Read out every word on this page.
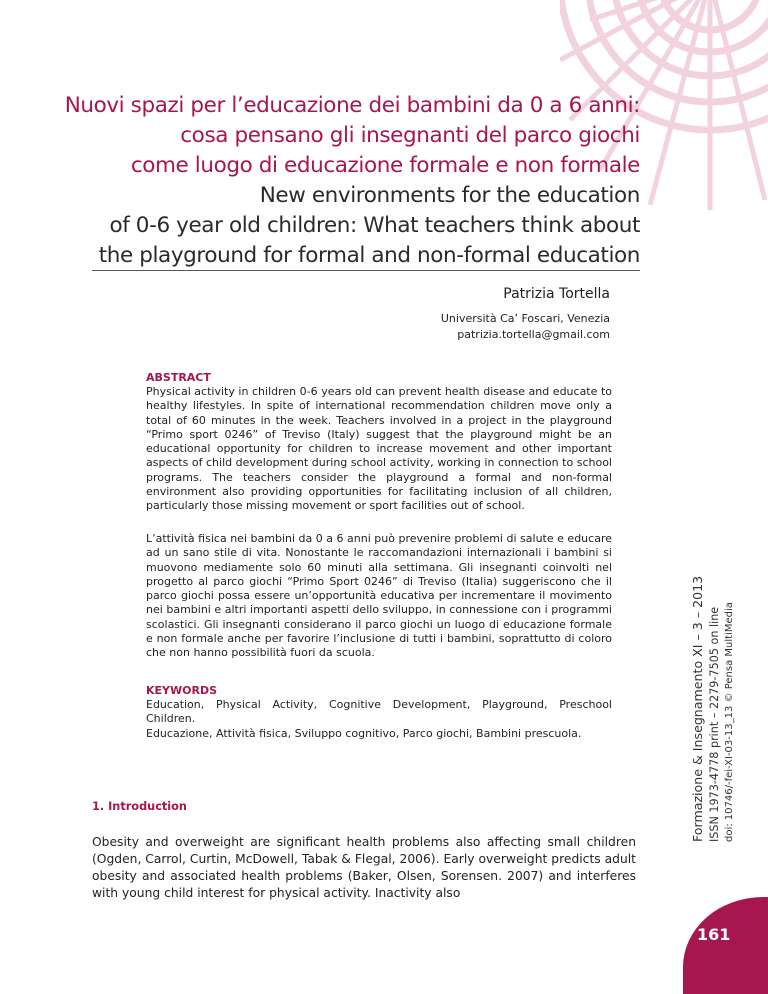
Nuovi spazi per l’educazione dei bambini da 0 a 6 anni:
cosa pensano gli insegnanti del parco giochi
come luogo di educazione formale e non formale
New environments for the education
of 0-6 year old children: What teachers think about
the playground for formal and non-formal education
Patrizia Tortella
Università Ca’ Foscari, Venezia
patrizia.tortella@gmail.com
ABSTRACT
Physical activity in children 0-6 years old can prevent health disease and educate to healthy lifestyles. In spite of international recommendation children move only a total of 60 minutes in the week. Teachers involved in a project in the playground “Primo sport 0246” of Treviso (Italy) suggest that the playground might be an educational opportunity for children to increase movement and other important aspects of child development during school activity, working in connection to school programs. The teachers consider the playground a formal and non-formal environment also providing opportunities for facilitating inclusion of all children, particularly those missing movement or sport facilities out of school.
L’attività fisica nei bambini da 0 a 6 anni può prevenire problemi di salute e educare ad un sano stile di vita. Nonostante le raccomandazioni internazionali i bambini si muovono mediamente solo 60 minuti alla settimana. Gli insegnanti coinvolti nel progetto al parco giochi “Primo Sport 0246” di Treviso (Italia) suggeriscono che il parco giochi possa essere un’opportunità educativa per incrementare il movimento nei bambini e altri importanti aspetti dello sviluppo, in connessione con i programmi scolastici. Gli insegnanti considerano il parco giochi un luogo di educazione formale e non formale anche per favorire l’inclusione di tutti i bambini, soprattutto di coloro che non hanno possibilità fuori da scuola.
KEYWORDS
Education, Physical Activity, Cognitive Development, Playground, Preschool Children.
Educazione, Attività fisica, Sviluppo cognitivo, Parco giochi, Bambini prescuola.
1. Introduction
Obesity and overweight are significant health problems also affecting small children (Ogden, Carrol, Curtin, McDowell, Tabak & Flegal, 2006). Early overweight predicts adult obesity and associated health problems (Baker, Olsen, Sorensen. 2007) and interferes with young child interest for physical activity. Inactivity also
Formazione & Insegnamento XI – 3 – 2013 ISSN 1973-4778 print – 2279-7505 on line doi: 10746/-fei-XI-03-13_13 © Pensa MultiMedia
161
